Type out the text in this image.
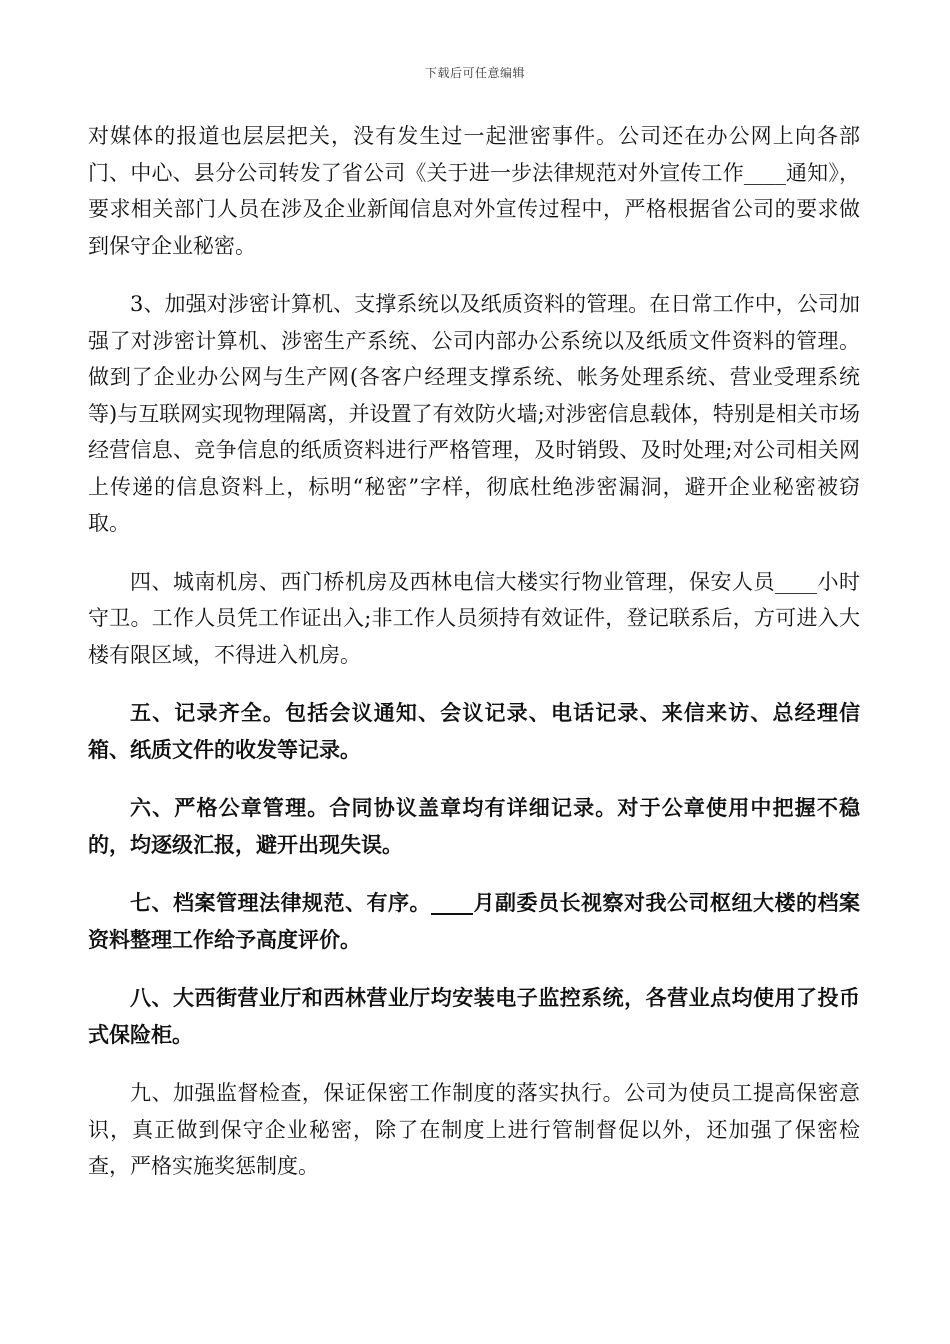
下载后可任意编辑

对媒体的报道也层层把关，没有发生过一起泄密事件。公司还在办公网上向各部门、中心、县分公司转发了省公司《关于进一步法律规范对外宣传工作____通知》，要求相关部门人员在涉及企业新闻信息对外宣传过程中，严格根据省公司的要求做到保守企业秘密。

3、加强对涉密计算机、支撑系统以及纸质资料的管理。在日常工作中，公司加强了对涉密计算机、涉密生产系统、公司内部办公系统以及纸质文件资料的管理。做到了企业办公网与生产网(各客户经理支撑系统、帐务处理系统、营业受理系统等)与互联网实现物理隔离，并设置了有效防火墙;对涉密信息载体，特别是相关市场经营信息、竞争信息的纸质资料进行严格管理，及时销毁、及时处理;对公司相关网上传递的信息资料上，标明“秘密”字样，彻底杜绝涉密漏洞，避开企业秘密被窃取。

四、城南机房、西门桥机房及西林电信大楼实行物业管理，保安人员____小时守卫。工作人员凭工作证出入;非工作人员须持有效证件，登记联系后，方可进入大楼有限区域，不得进入机房。

五、记录齐全。包括会议通知、会议记录、电话记录、来信来访、总经理信箱、纸质文件的收发等记录。

六、严格公章管理。合同协议盖章均有详细记录。对于公章使用中把握不稳的，均逐级汇报，避开出现失误。

七、档案管理法律规范、有序。____月副委员长视察对我公司枢纽大楼的档案资料整理工作给予高度评价。

八、大西街营业厅和西林营业厅均安装电子监控系统，各营业点均使用了投币式保险柜。

九、加强监督检查，保证保密工作制度的落实执行。公司为使员工提高保密意识，真正做到保守企业秘密，除了在制度上进行管制督促以外，还加强了保密检查，严格实施奖惩制度。
